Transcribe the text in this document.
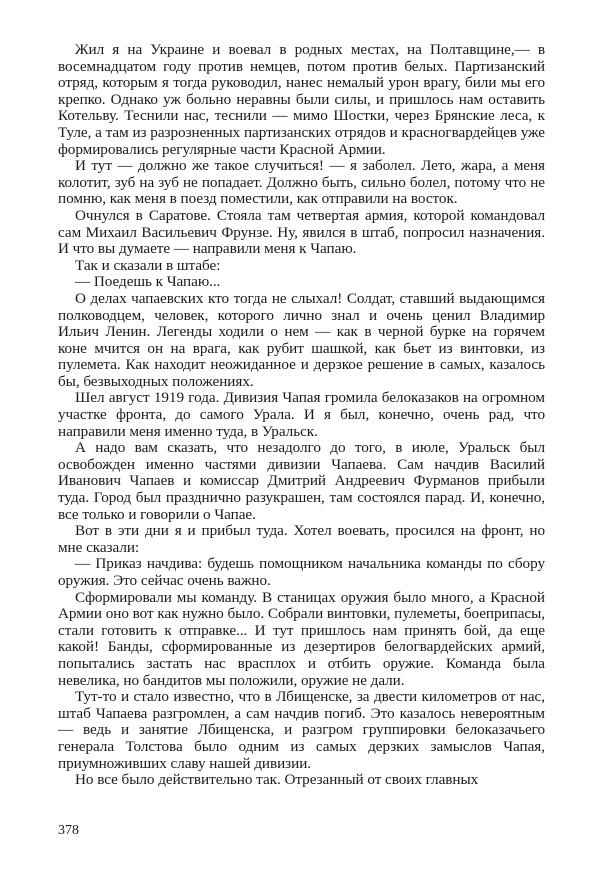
Жил я на Украине и воевал в родных местах, на Полтавщине,— в восемнадцатом году против немцев, потом против белых. Партизанский отряд, которым я тогда руководил, нанес немалый урон врагу, били мы его крепко. Однако уж больно неравны были силы, и пришлось нам оставить Котельву. Теснили нас, теснили — мимо Шостки, через Брянские леса, к Туле, а там из разрозненных партизанских отрядов и красногвардейцев уже формировались регулярные части Красной Армии.

И тут — должно же такое случиться! — я заболел. Лето, жара, а меня колотит, зуб на зуб не попадает. Должно быть, сильно болел, потому что не помню, как меня в поезд поместили, как отправили на восток.

Очнулся в Саратове. Стояла там четвертая армия, которой командовал сам Михаил Васильевич Фрунзе. Ну, явился в штаб, попросил назначения. И что вы думаете — направили меня к Чапаю.

Так и сказали в штабе:

— Поедешь к Чапаю...

О делах чапаевских кто тогда не слыхал! Солдат, ставший выдающимся полководцем, человек, которого лично знал и очень ценил Владимир Ильич Ленин. Легенды ходили о нем — как в черной бурке на горячем коне мчится он на врага, как рубит шашкой, как бьет из винтовки, из пулемета. Как находит неожиданное и дерзкое решение в самых, казалось бы, безвыходных положениях.

Шел август 1919 года. Дивизия Чапая громила белоказаков на огромном участке фронта, до самого Урала. И я был, конечно, очень рад, что направили меня именно туда, в Уральск.

А надо вам сказать, что незадолго до того, в июле, Уральск был освобожден именно частями дивизии Чапаева. Сам начдив Василий Иванович Чапаев и комиссар Дмитрий Андреевич Фурманов прибыли туда. Город был празднично разукрашен, там состоялся парад. И, конечно, все только и говорили о Чапае.

Вот в эти дни я и прибыл туда. Хотел воевать, просился на фронт, но мне сказали:

— Приказ начдива: будешь помощником начальника команды по сбору оружия. Это сейчас очень важно.

Сформировали мы команду. В станицах оружия было много, а Красной Армии оно вот как нужно было. Собрали винтовки, пулеметы, боеприпасы, стали готовить к отправке... И тут пришлось нам принять бой, да еще какой! Банды, сформированные из дезертиров белогвардейских армий, попытались застать нас врасплох и отбить оружие. Команда была невелика, но бандитов мы положили, оружие не дали.

Тут-то и стало известно, что в Лбищенске, за двести километров от нас, штаб Чапаева разгромлен, а сам начдив погиб. Это казалось невероятным — ведь и занятие Лбищенска, и разгром группировки белоказачьего генерала Толстова было одним из самых дерзких замыслов Чапая, приумноживших славу нашей дивизии.

Но все было действительно так. Отрезанный от своих главных

378
